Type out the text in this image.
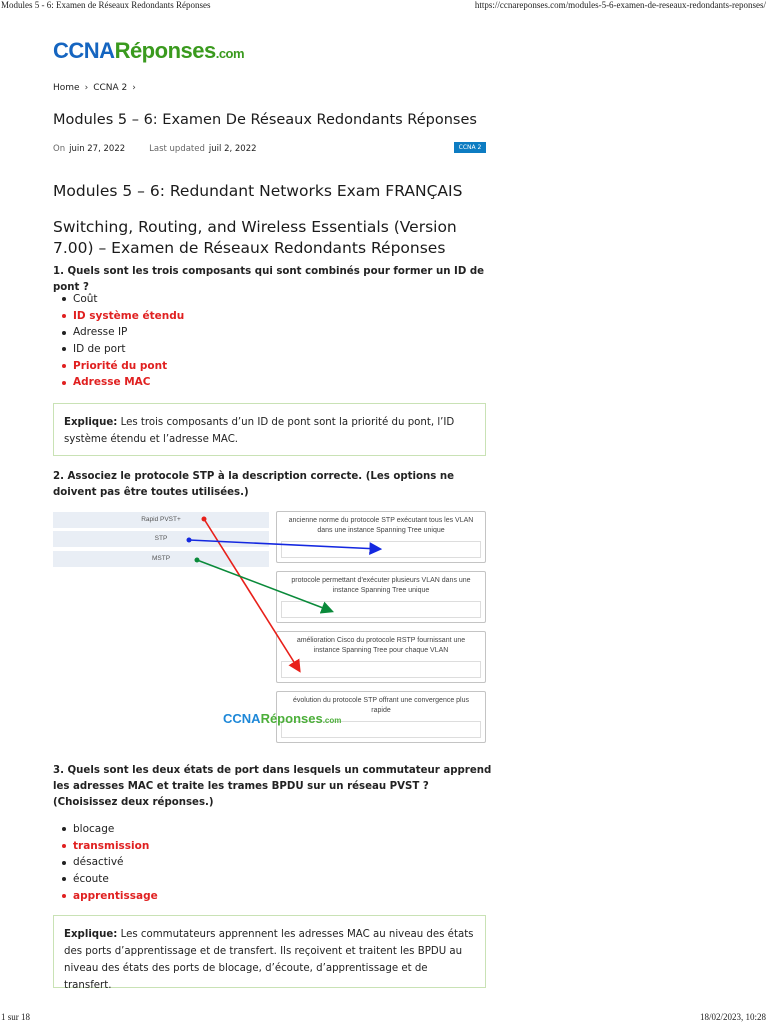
Modules 5 - 6: Examen de Réseaux Redondants Réponses	https://ccnareponses.com/modules-5-6-examen-de-reseaux-redondants-reponses/
CCNARéponses.com
Home › CCNA 2 ›
Modules 5 – 6: Examen De Réseaux Redondants Réponses
On juin 27, 2022	Last updated juil 2, 2022	CCNA 2
Modules 5 – 6: Redundant Networks Exam FRANÇAIS
Switching, Routing, and Wireless Essentials (Version 7.00) – Examen de Réseaux Redondants Réponses
1. Quels sont les trois composants qui sont combinés pour former un ID de pont ?
Coût
ID système étendu
Adresse IP
ID de port
Priorité du pont
Adresse MAC
Explique: Les trois composants d’un ID de pont sont la priorité du pont, l’ID système étendu et l’adresse MAC.
2. Associez le protocole STP à la description correcte. (Les options ne doivent pas être toutes utilisées.)
Rapid PVST+
STP
MSTP
ancienne norme du protocole STP exécutant tous les VLAN dans une instance Spanning Tree unique
protocole permettant d'exécuter plusieurs VLAN dans une instance Spanning Tree unique
amélioration Cisco du protocole RSTP fournissant une instance Spanning Tree pour chaque VLAN
évolution du protocole STP offrant une convergence plus rapide
CCNARéponses.com
3. Quels sont les deux états de port dans lesquels un commutateur apprend les adresses MAC et traite les trames BPDU sur un réseau PVST ? (Choisissez deux réponses.)
blocage
transmission
désactivé
écoute
apprentissage
Explique: Les commutateurs apprennent les adresses MAC au niveau des états des ports d’apprentissage et de transfert. Ils reçoivent et traitent les BPDU au niveau des états des ports de blocage, d’écoute, d’apprentissage et de transfert.
1 sur 18	18/02/2023, 10:28
